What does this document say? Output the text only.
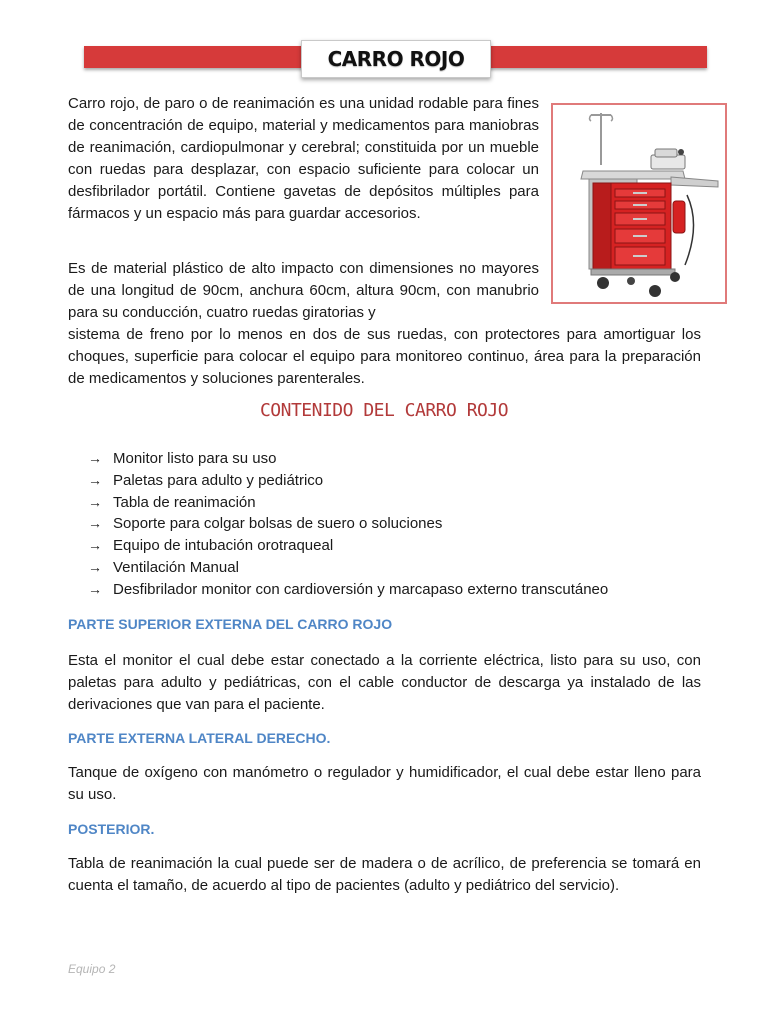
CARRO ROJO
Carro rojo, de paro o de reanimación es una unidad rodable para fines de concentración de equipo, material y medicamentos para maniobras de reanimación, cardiopulmonar y cerebral; constituida por un mueble con ruedas para desplazar, con espacio suficiente para colocar un desfibrilador portátil. Contiene gavetas de depósitos múltiples para fármacos y un espacio más para guardar accesorios.
Es de material plástico de alto impacto con dimensiones no mayores de una longitud de 90cm, anchura 60cm, altura 90cm, con manubrio para su conducción, cuatro ruedas giratorias y
sistema de freno por lo menos en dos de sus ruedas, con protectores para amortiguar los choques, superficie para colocar el equipo para monitoreo continuo, área para la preparación de medicamentos y soluciones parenterales.
CONTENIDO DEL CARRO ROJO
→ Monitor listo para su uso
→ Paletas para adulto y pediátrico
→ Tabla de reanimación
→ Soporte para colgar bolsas de suero o soluciones
→ Equipo de intubación orotraqueal
→ Ventilación Manual
→ Desfibrilador monitor con cardioversión y marcapaso externo transcutáneo
PARTE SUPERIOR EXTERNA DEL CARRO ROJO
Esta el monitor el cual debe estar conectado a la corriente eléctrica, listo para su uso, con paletas para adulto y pediátricas, con el cable conductor de descarga ya instalado de las derivaciones que van para el paciente.
PARTE EXTERNA LATERAL DERECHO.
Tanque de oxígeno con manómetro o regulador y humidificador, el cual debe estar lleno para su uso.
POSTERIOR.
Tabla de reanimación la cual puede ser de madera o de acrílico, de preferencia se tomará en cuenta el tamaño, de acuerdo al tipo de pacientes (adulto y pediátrico del servicio).
Equipo 2
